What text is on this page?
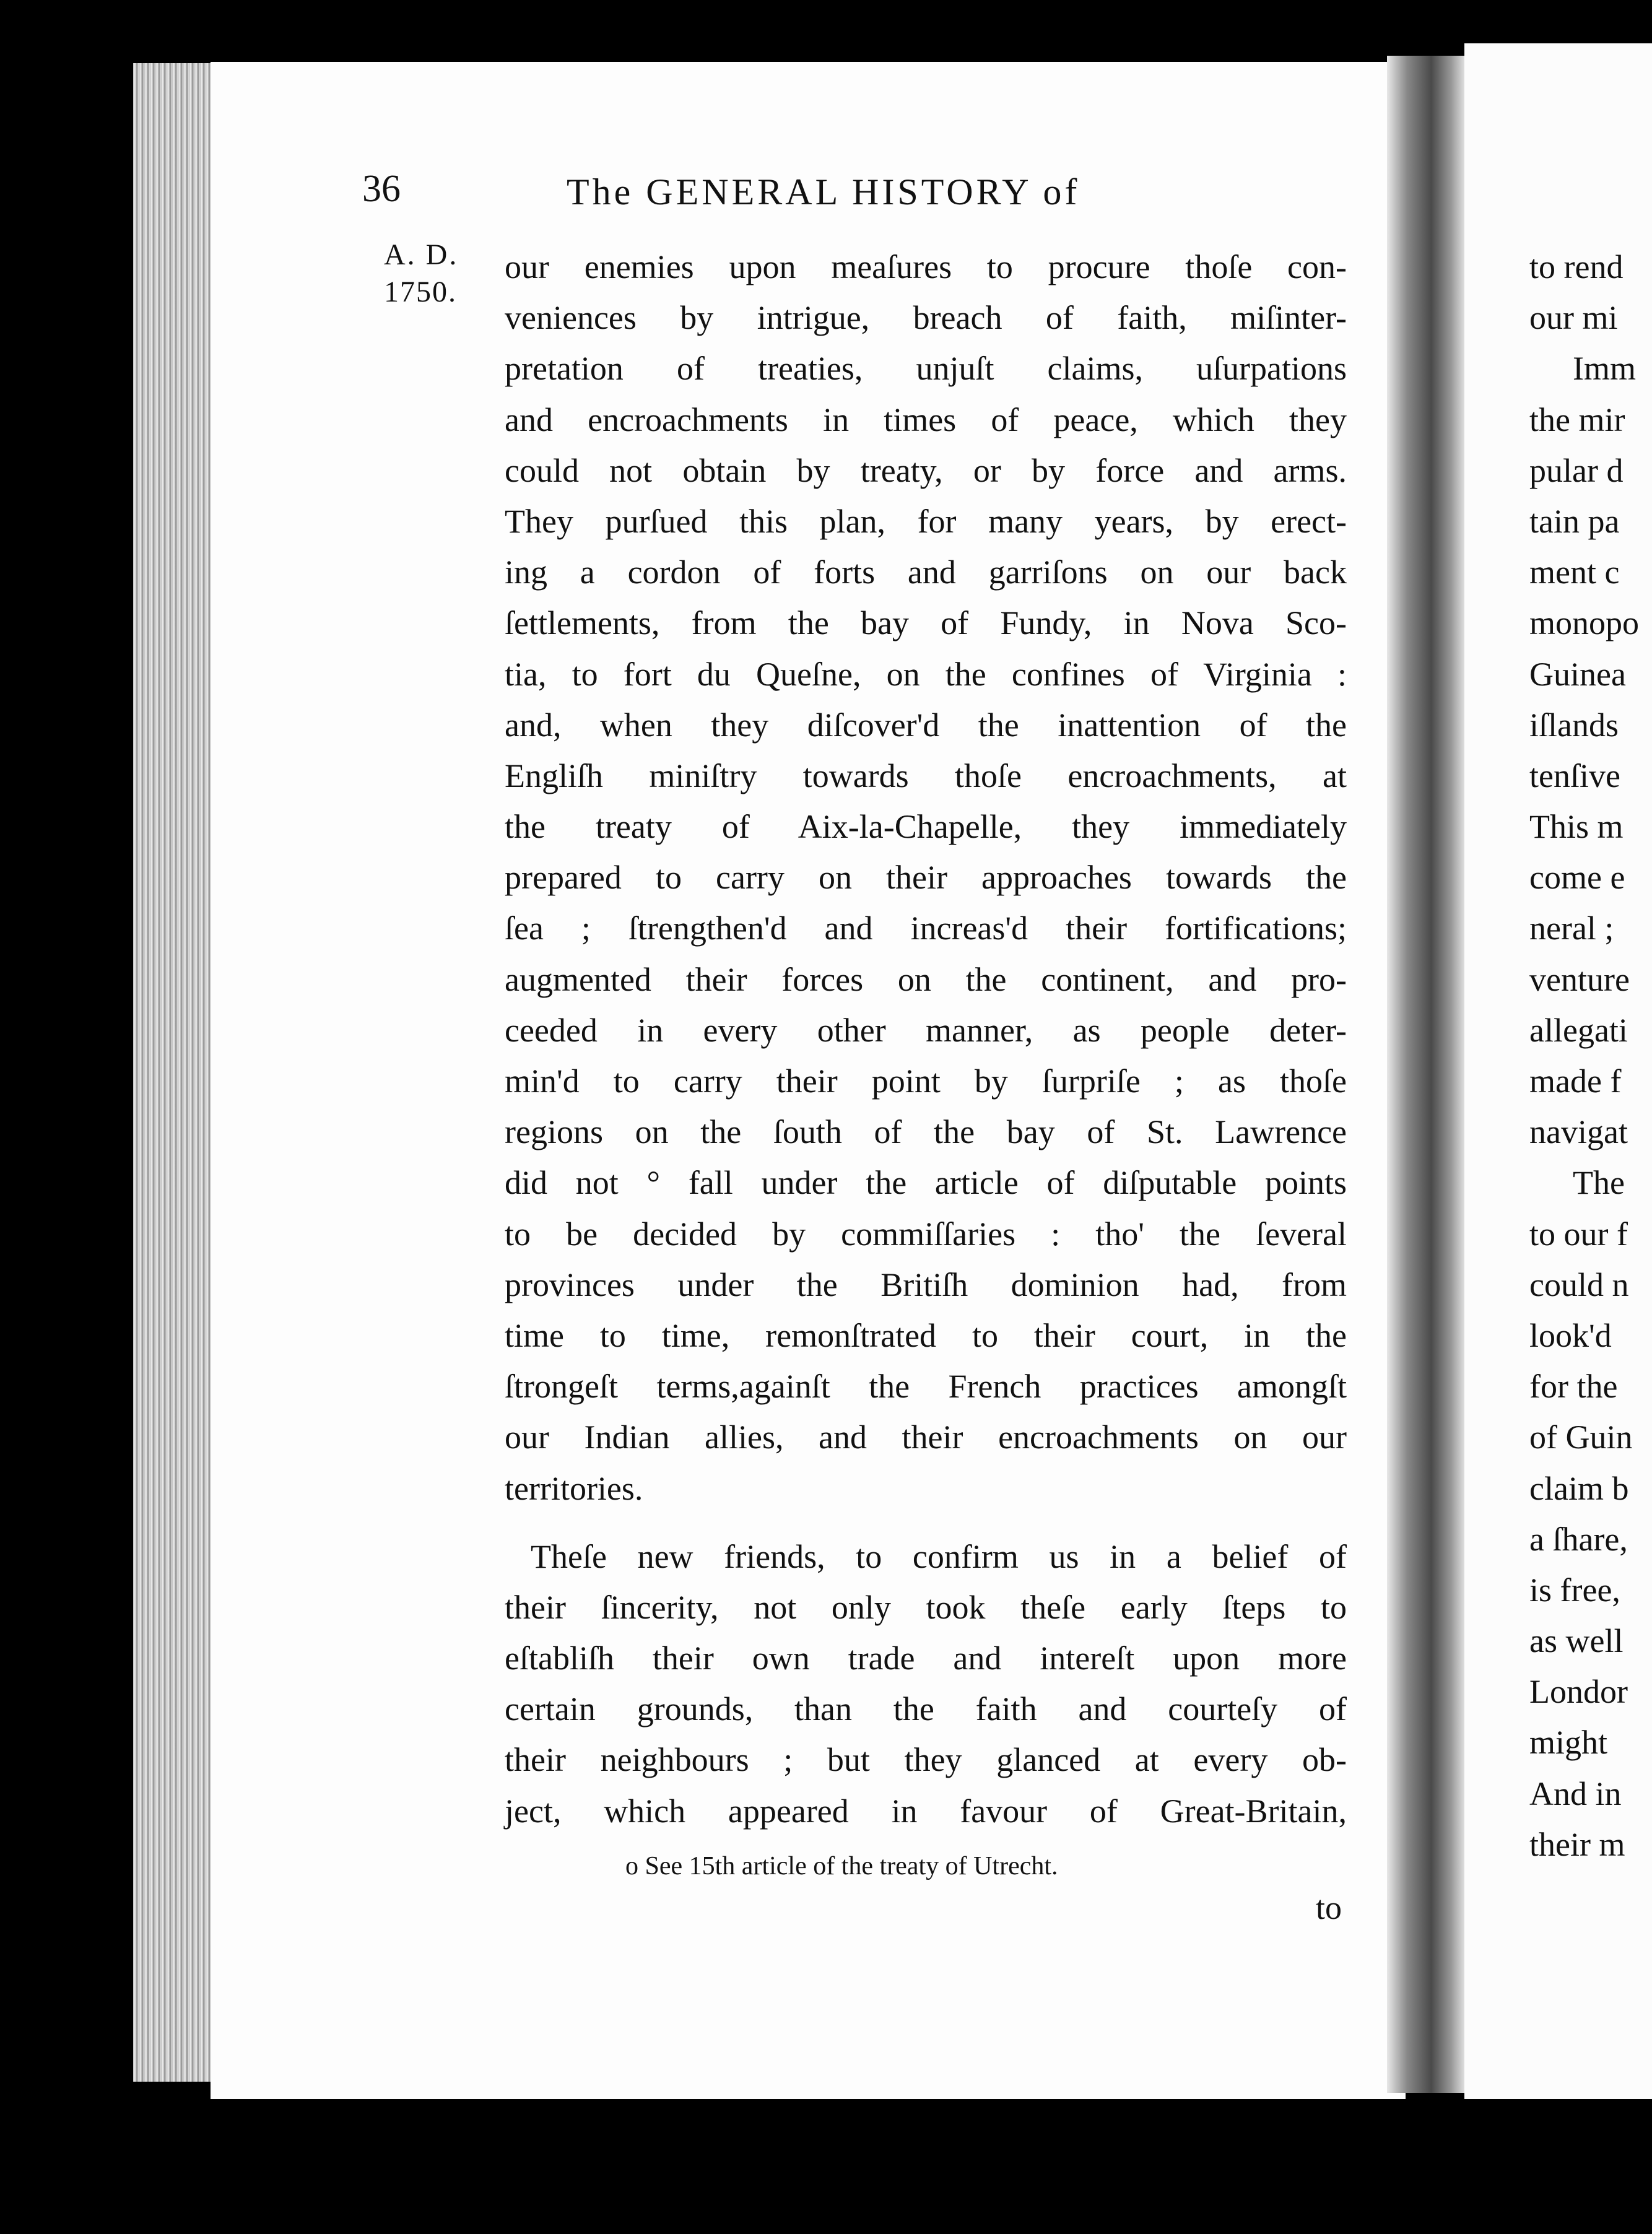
36	The GENERAL HISTORY of
A. D.
1750.
our enemies upon meaſures to procure thoſe con-
veniences by intrigue, breach of faith, miſinter-
pretation of treaties, unjuſt claims, uſurpations
and encroachments in times of peace, which they
could not obtain by treaty, or by force and arms.
They purſued this plan, for many years, by erect-
ing a cordon of forts and garriſons on our back
ſettlements, from the bay of Fundy, in Nova Sco-
tia, to fort du Queſne, on the confines of Virginia :
and, when they diſcover'd the inattention of the
Engliſh miniſtry towards thoſe encroachments, at
the treaty of Aix-la-Chapelle, they immediately
prepared to carry on their approaches towards the
ſea ; ſtrengthen'd and increas'd their fortifications;
augmented their forces on the continent, and pro-
ceeded in every other manner, as people deter-
min'd to carry their point by ſurpriſe ; as thoſe
regions on the ſouth of the bay of St. Lawrence
did not ° fall under the article of diſputable points
to be decided by commiſſaries : tho' the ſeveral
provinces under the Britiſh dominion had, from
time to time, remonſtrated to their court, in the
ſtrongeſt terms,againſt the French practices amongſt
our Indian allies, and their encroachments on our
territories.
Theſe new friends, to confirm us in a belief of
their ſincerity, not only took theſe early ſteps to
eſtabliſh their own trade and intereſt upon more
certain grounds, than the faith and courteſy of
their neighbours ; but they glanced at every ob-
ject, which appeared in favour of Great-Britain,
o See 15th article of the treaty of Utrecht.
to
to rend
our mi
Imm
the mir
pular d
tain pa
ment c
monopo
Guinea
iſlands
tenſive
This m
come e
neral ;
venture
allegati
made f
navigat
The
to our f
could n
look'd
for the
of Guin
claim b
a ſhare,
is free,
as well
Londor
might
And in
their m
